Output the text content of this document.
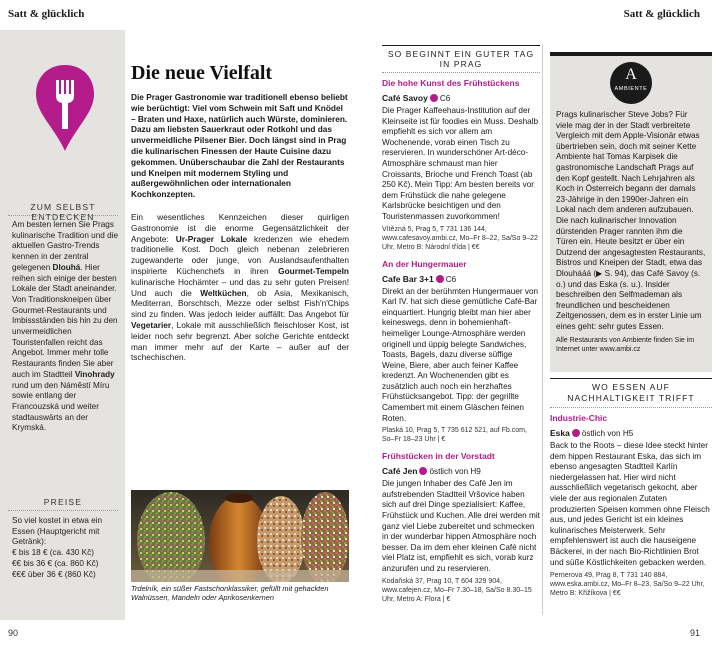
Satt & glücklich	Satt & glücklich
ZUM SELBST ENTDECKEN
Am besten lernen Sie Prags kulinarische Tradition und die aktuellen Gastro-Trends kennen in der zentral gelegenen Dlouhá. Hier reihen sich einige der besten Lokale der Stadt aneinander. Von Traditionskneipen über Gourmet-Restaurants und Imbissständen bis hin zu den unvermeidlichen Touristenfallen reicht das Angebot. Immer mehr tolle Restaurants finden Sie aber auch im Stadtteil Vinohrady rund um den Náměstí Míru sowie entlang der Francouzská und weiter stadtauswärts an der Krymská.
PREISE
So viel kostet in etwa ein Essen (Hauptgericht mit Getränk):
€ bis 18 € (ca. 430 Kč)
€€ bis 36 € (ca. 860 Kč)
€€€ über 36 € (860 Kč)
90
Die neue Vielfalt
Die Prager Gastronomie war traditionell ebenso beliebt wie berüchtigt: Viel vom Schwein mit Saft und Knödel – Braten und Haxe, natürlich auch Würste, dominieren. Dazu am liebsten Sauerkraut oder Rotkohl und das unvermeidliche Pilsener Bier. Doch längst sind in Prag die kulinarischen Finessen der Haute Cuisine dazu gekommen. Unüberschaubar die Zahl der Restaurants und Kneipen mit modernem Styling und außergewöhnlichen oder internationalen Kochkonzepten.
Ein wesentliches Kennzeichen dieser quirligen Gastronomie ist die enorme Gegensätzlichkeit der Angebote: Ur-Prager Lokale kredenzen wie ehedem traditionelle Kost. Doch gleich nebenan zelebrieren zugewanderte oder junge, von Auslandsaufenthalten inspirierte Küchenchefs in ihren Gourmet-Tempeln kulinarische Hochämter – und das zu sehr guten Preisen! Und auch die Weltküchen, ob Asia, Mexikanisch, Mediterran, Borschtsch, Mezze oder selbst Fish'n'Chips sind zu finden. Was jedoch leider auffällt: Das Angebot für Vegetarier, Lokale mit ausschließlich fleischloser Kost, ist leider noch sehr begrenzt. Aber solche Gerichte entdeckt man immer mehr auf der Karte – außer auf der tschechischen.
Trdelník, ein süßer Fastschonklassiker, gefüllt mit gehackten Walnüssen, Mandeln oder Aprikosenkernen
SO BEGINNT EIN GUTER TAG IN PRAG
Die hohe Kunst des Frühstückens
Café Savoy C6
Die Prager Kaffeehaus-Institution auf der Kleinseite ist für foodies ein Muss. Deshalb empfiehlt es sich vor allem am Wochenende, vorab einen Tisch zu reservieren. In wunderschöner Art-déco-Atmosphäre schmaust man hier Croissants, Brioche und French Toast (ab 250 Kč). Mein Tipp: Am besten bereits vor dem Frühstück die nahe gelegene Karlsbrücke besichtigen und den Touristenmassen zuvorkommen!
Vítězná 5, Prag 5, T 731 136 144, www.cafesavoy.ambi.cz, Mo–Fr 8–22, Sa/So 9–22 Uhr, Metro B: Národní třída | €€
An der Hungermauer
Cafe Bar 3+1 C6
Direkt an der berühmten Hungermauer von Karl IV. hat sich diese gemütliche Café-Bar einquartiert. Hungrig bleibt man hier aber keineswegs, denn in bohemienhaft-heimeliger Lounge-Atmosphäre werden originell und üppig belegte Sandwiches, Toasts, Bagels, dazu diverse süffige Weine, Biere, aber auch feiner Kaffee kredenzt. An Wochenenden gibt es zusätzlich auch noch ein herzhaftes Frühstücksangebot. Tipp: der gegrillte Camembert mit einem Gläschen feinen Roten.
Plaská 10, Prag 5, T 735 612 521, auf Fb.com, So–Fr 18–23 Uhr | €
Frühstücken in der Vorstadt
Café Jen östlich von H9
Die jungen Inhaber des Café Jen im aufstrebenden Stadtteil Vršovice haben sich auf drei Dinge spezialisiert: Kaffee, Frühstück und Kuchen. Alle drei werden mit ganz viel Liebe zubereitet und schmecken in der wunderbar hippen Atmosphäre noch besser. Da im dem eher kleinen Café nicht viel Platz ist, empfiehlt es sich, vorab kurz anzurufen und zu reservieren.
Kodaňská 37, Prag 10, T 604 329 904, www.cafejen.cz, Mo–Fr 7.30–18, Sa/So 8.30–15 Uhr, Metro A: Flora | €
A
AMBIENTE
Prags kulinarischer Steve Jobs? Für viele mag der in der Stadt verbreitete Vergleich mit dem Apple-Visionär etwas übertrieben sein, doch mit seiner Kette Ambiente hat Tomas Karpisek die gastronomische Landschaft Prags auf den Kopf gestellt. Nach Lehrjahren als Koch in Österreich begann der damals 23-Jährige in den 1990er-Jahren ein Lokal nach dem anderen aufzubauen. Die nach kulinarischer Innovation dürstenden Prager rannten ihm die Türen ein. Heute besitzt er über ein Dutzend der angesagtesten Restaurants, Bistros und Kneipen der Stadt, etwa das Dlouhááá (▶ S. 94), das Café Savoy (s. o.) und das Eska (s. u.). Insider beschreiben den Selfmademan als freundlichen und bescheidenen Zeitgenossen, dem es in erster Linie um eines geht: sehr gutes Essen.
Alle Restaurants von Ambiente finden Sie im Internet unter www.ambi.cz
WO ESSEN AUF NACHHALTIGKEIT TRIFFT
Industrie-Chic
Eska östlich von H5
Back to the Roots – diese Idee steckt hinter dem hippen Restaurant Eska, das sich im ebenso angesagten Stadtteil Karlín niedergelassen hat. Hier wird nicht ausschließlich vegetarisch gekocht, aber viele der aus regionalen Zutaten produzierten Speisen kommen ohne Fleisch aus, und jedes Gericht ist ein kleines kulinarisches Meisterwerk. Sehr empfehlenswert ist auch die hauseigene Bäckerei, in der nach Bio-Richtlinien Brot und süße Köstlichkeiten gebacken werden.
Pernerova 49, Prag 8, T 731 140 884, www.eska.ambi.cz, Mo–Fr 8–23, Sa/So 9–22 Uhr, Metro B: Křižíkova | €€
91
